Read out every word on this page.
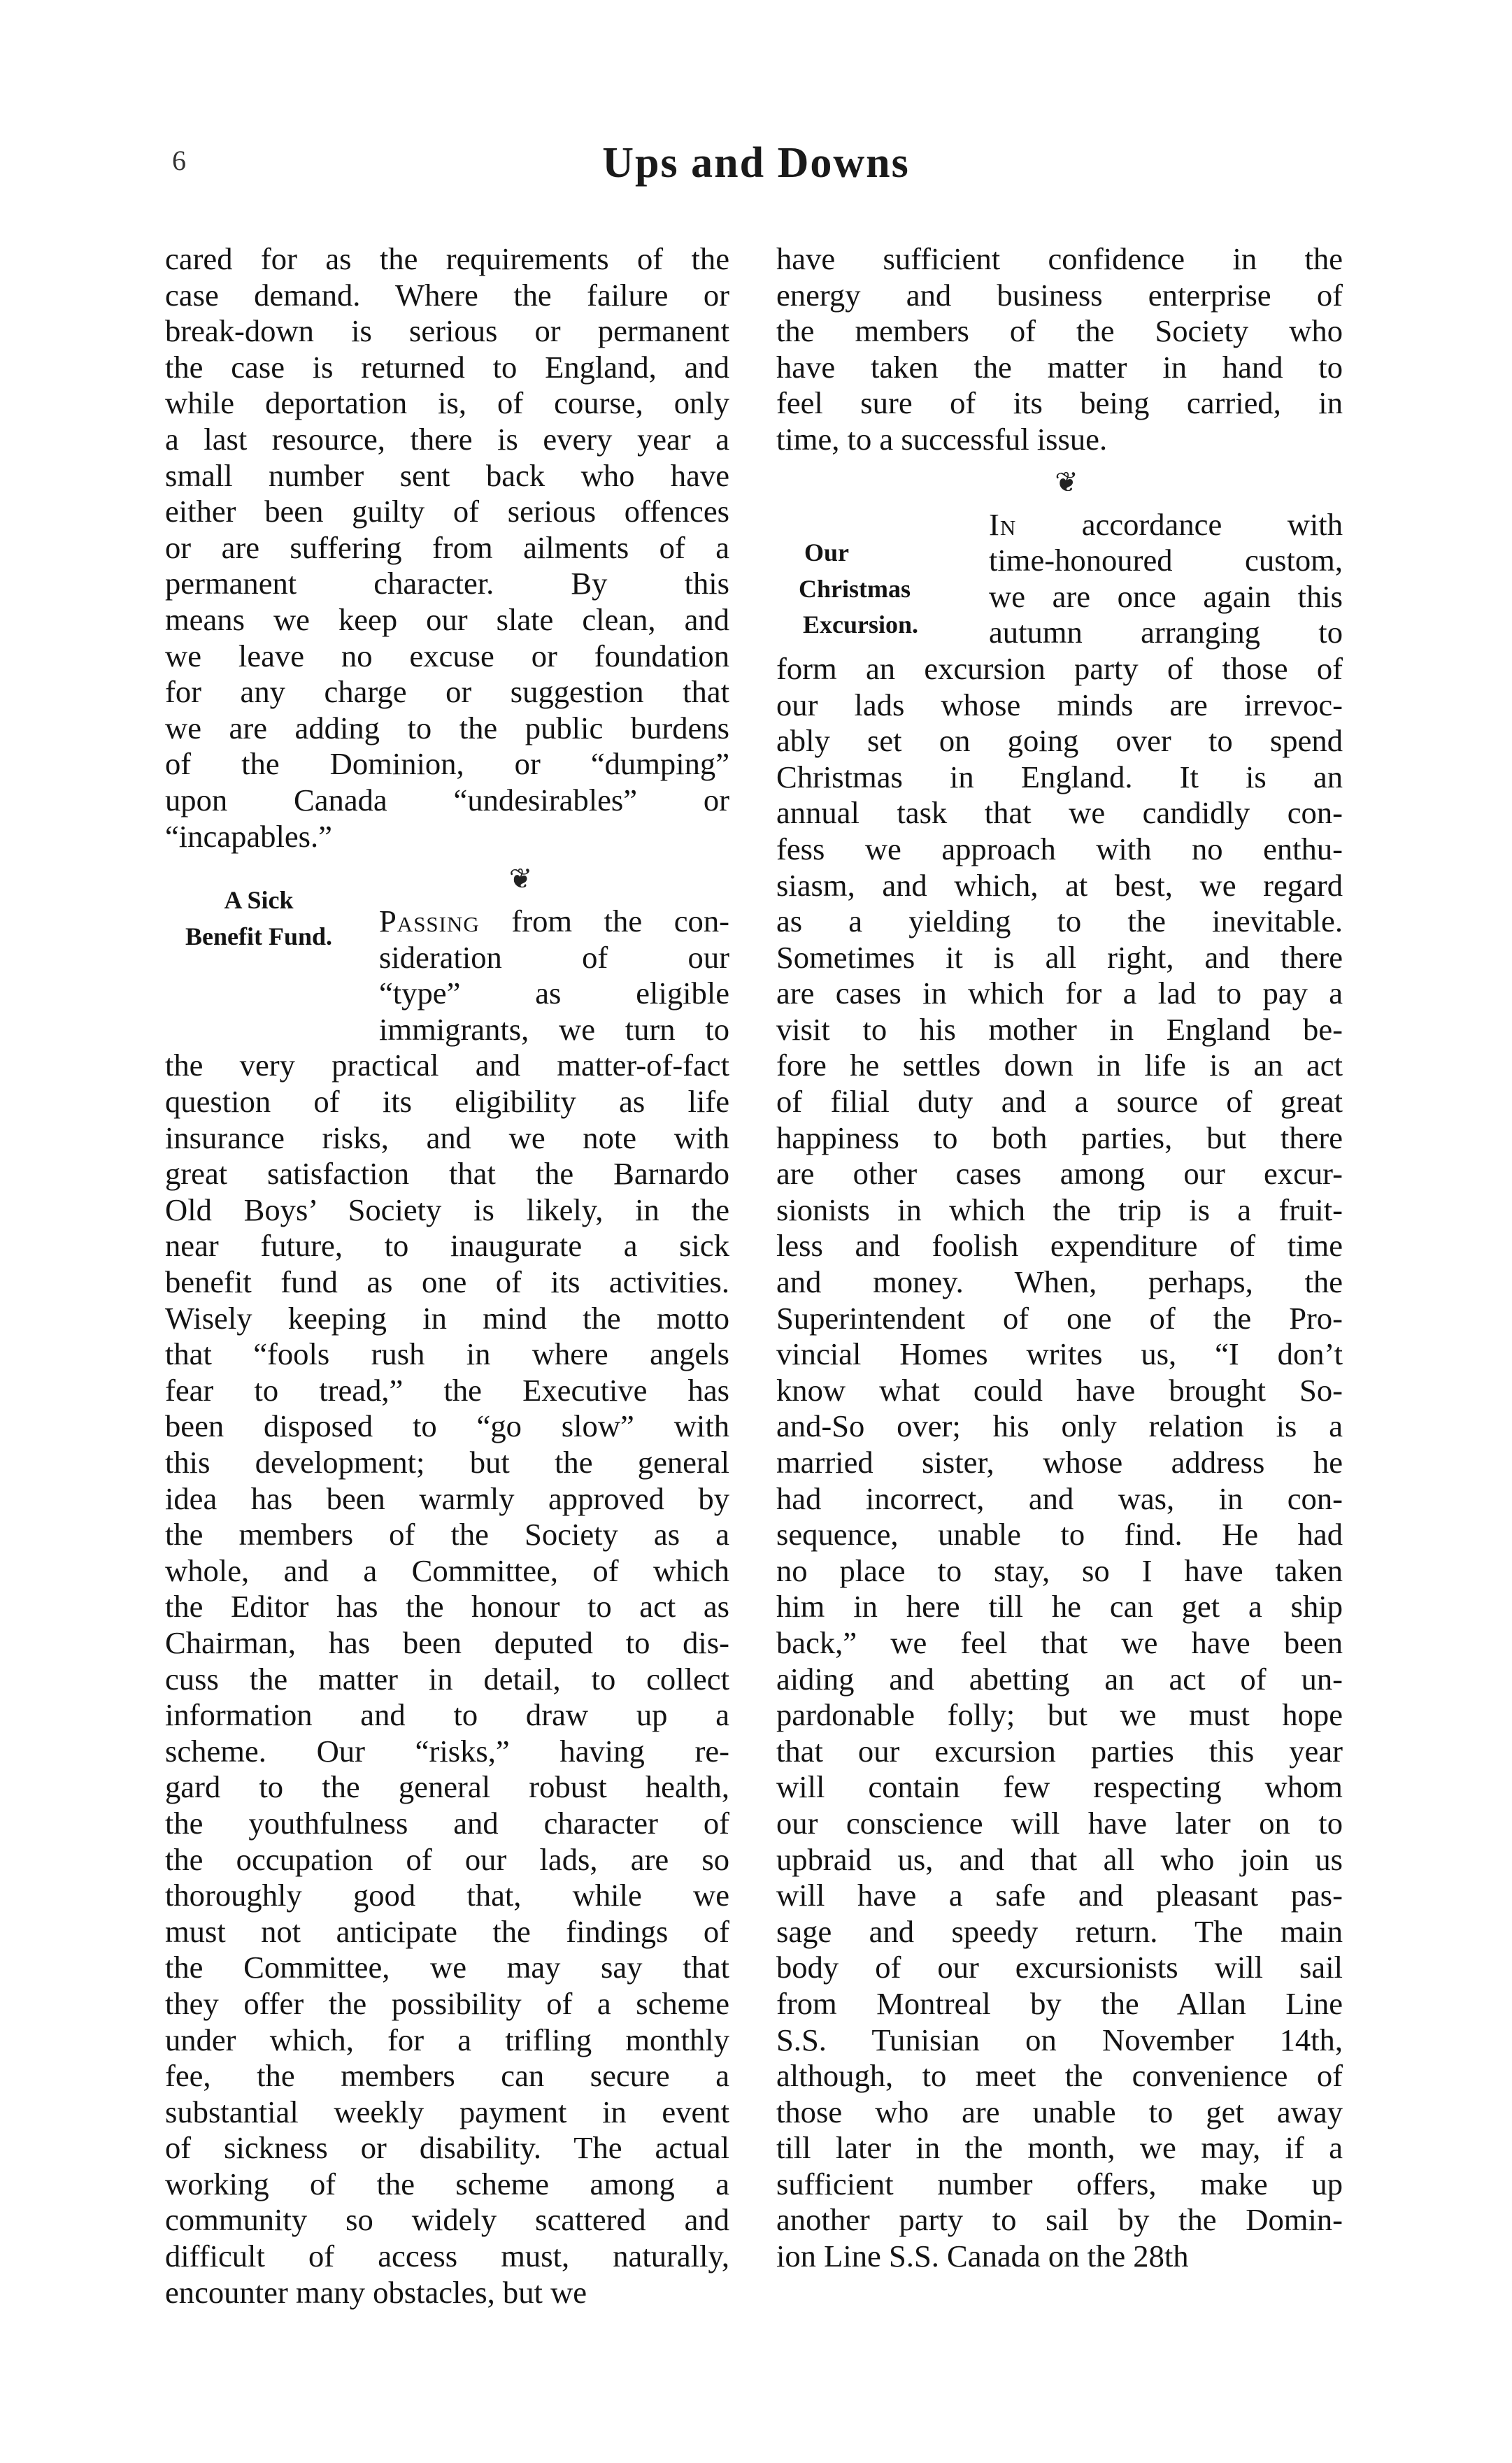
6	Ups and Downs
A Sick
Benefit Fund.
Our
Christmas
Excursion.
cared for as the requirements of the
case demand. Where the failure or
break-down is serious or permanent
the case is returned to England, and
while deportation is, of course, only
a last resource, there is every year a
small number sent back who have
either been guilty of serious offences
or are suffering from ailments of a
permanent character. By this
means we keep our slate clean, and
we leave no excuse or foundation
for any charge or suggestion that
we are adding to the public burdens
of the Dominion, or “dumping”
upon Canada “undesirables” or
“incapables.”
❦
Passing from the con-
sideration of our
“type” as eligible
immigrants, we turn to
the very practical and matter-of-fact
question of its eligibility as life
insurance risks, and we note with
great satisfaction that the Barnardo
Old Boys’ Society is likely, in the
near future, to inaugurate a sick
benefit fund as one of its activities.
Wisely keeping in mind the motto
that “fools rush in where angels
fear to tread,” the Executive has
been disposed to “go slow” with
this development; but the general
idea has been warmly approved by
the members of the Society as a
whole, and a Committee, of which
the Editor has the honour to act as
Chairman, has been deputed to dis-
cuss the matter in detail, to collect
information and to draw up a
scheme. Our “risks,” having re-
gard to the general robust health,
the youthfulness and character of
the occupation of our lads, are so
thoroughly good that, while we
must not anticipate the findings of
the Committee, we may say that
they offer the possibility of a scheme
under which, for a trifling monthly
fee, the members can secure a
substantial weekly payment in event
of sickness or disability. The actual
working of the scheme among a
community so widely scattered and
difficult of access must, naturally,
encounter many obstacles, but we
have sufficient confidence in the
energy and business enterprise of
the members of the Society who
have taken the matter in hand to
feel sure of its being carried, in
time, to a successful issue.
❦
In accordance with
time-honoured custom,
we are once again this
autumn arranging to
form an excursion party of those of
our lads whose minds are irrevoc-
ably set on going over to spend
Christmas in England. It is an
annual task that we candidly con-
fess we approach with no enthu-
siasm, and which, at best, we regard
as a yielding to the inevitable.
Sometimes it is all right, and there
are cases in which for a lad to pay a
visit to his mother in England be-
fore he settles down in life is an act
of filial duty and a source of great
happiness to both parties, but there
are other cases among our excur-
sionists in which the trip is a fruit-
less and foolish expenditure of time
and money. When, perhaps, the
Superintendent of one of the Pro-
vincial Homes writes us, “I don’t
know what could have brought So-
and-So over; his only relation is a
married sister, whose address he
had incorrect, and was, in con-
sequence, unable to find. He had
no place to stay, so I have taken
him in here till he can get a ship
back,” we feel that we have been
aiding and abetting an act of un-
pardonable folly; but we must hope
that our excursion parties this year
will contain few respecting whom
our conscience will have later on to
upbraid us, and that all who join us
will have a safe and pleasant pas-
sage and speedy return. The main
body of our excursionists will sail
from Montreal by the Allan Line
S.S. Tunisian on November 14th,
although, to meet the convenience of
those who are unable to get away
till later in the month, we may, if a
sufficient number offers, make up
another party to sail by the Domin-
ion Line S.S. Canada on the 28th
